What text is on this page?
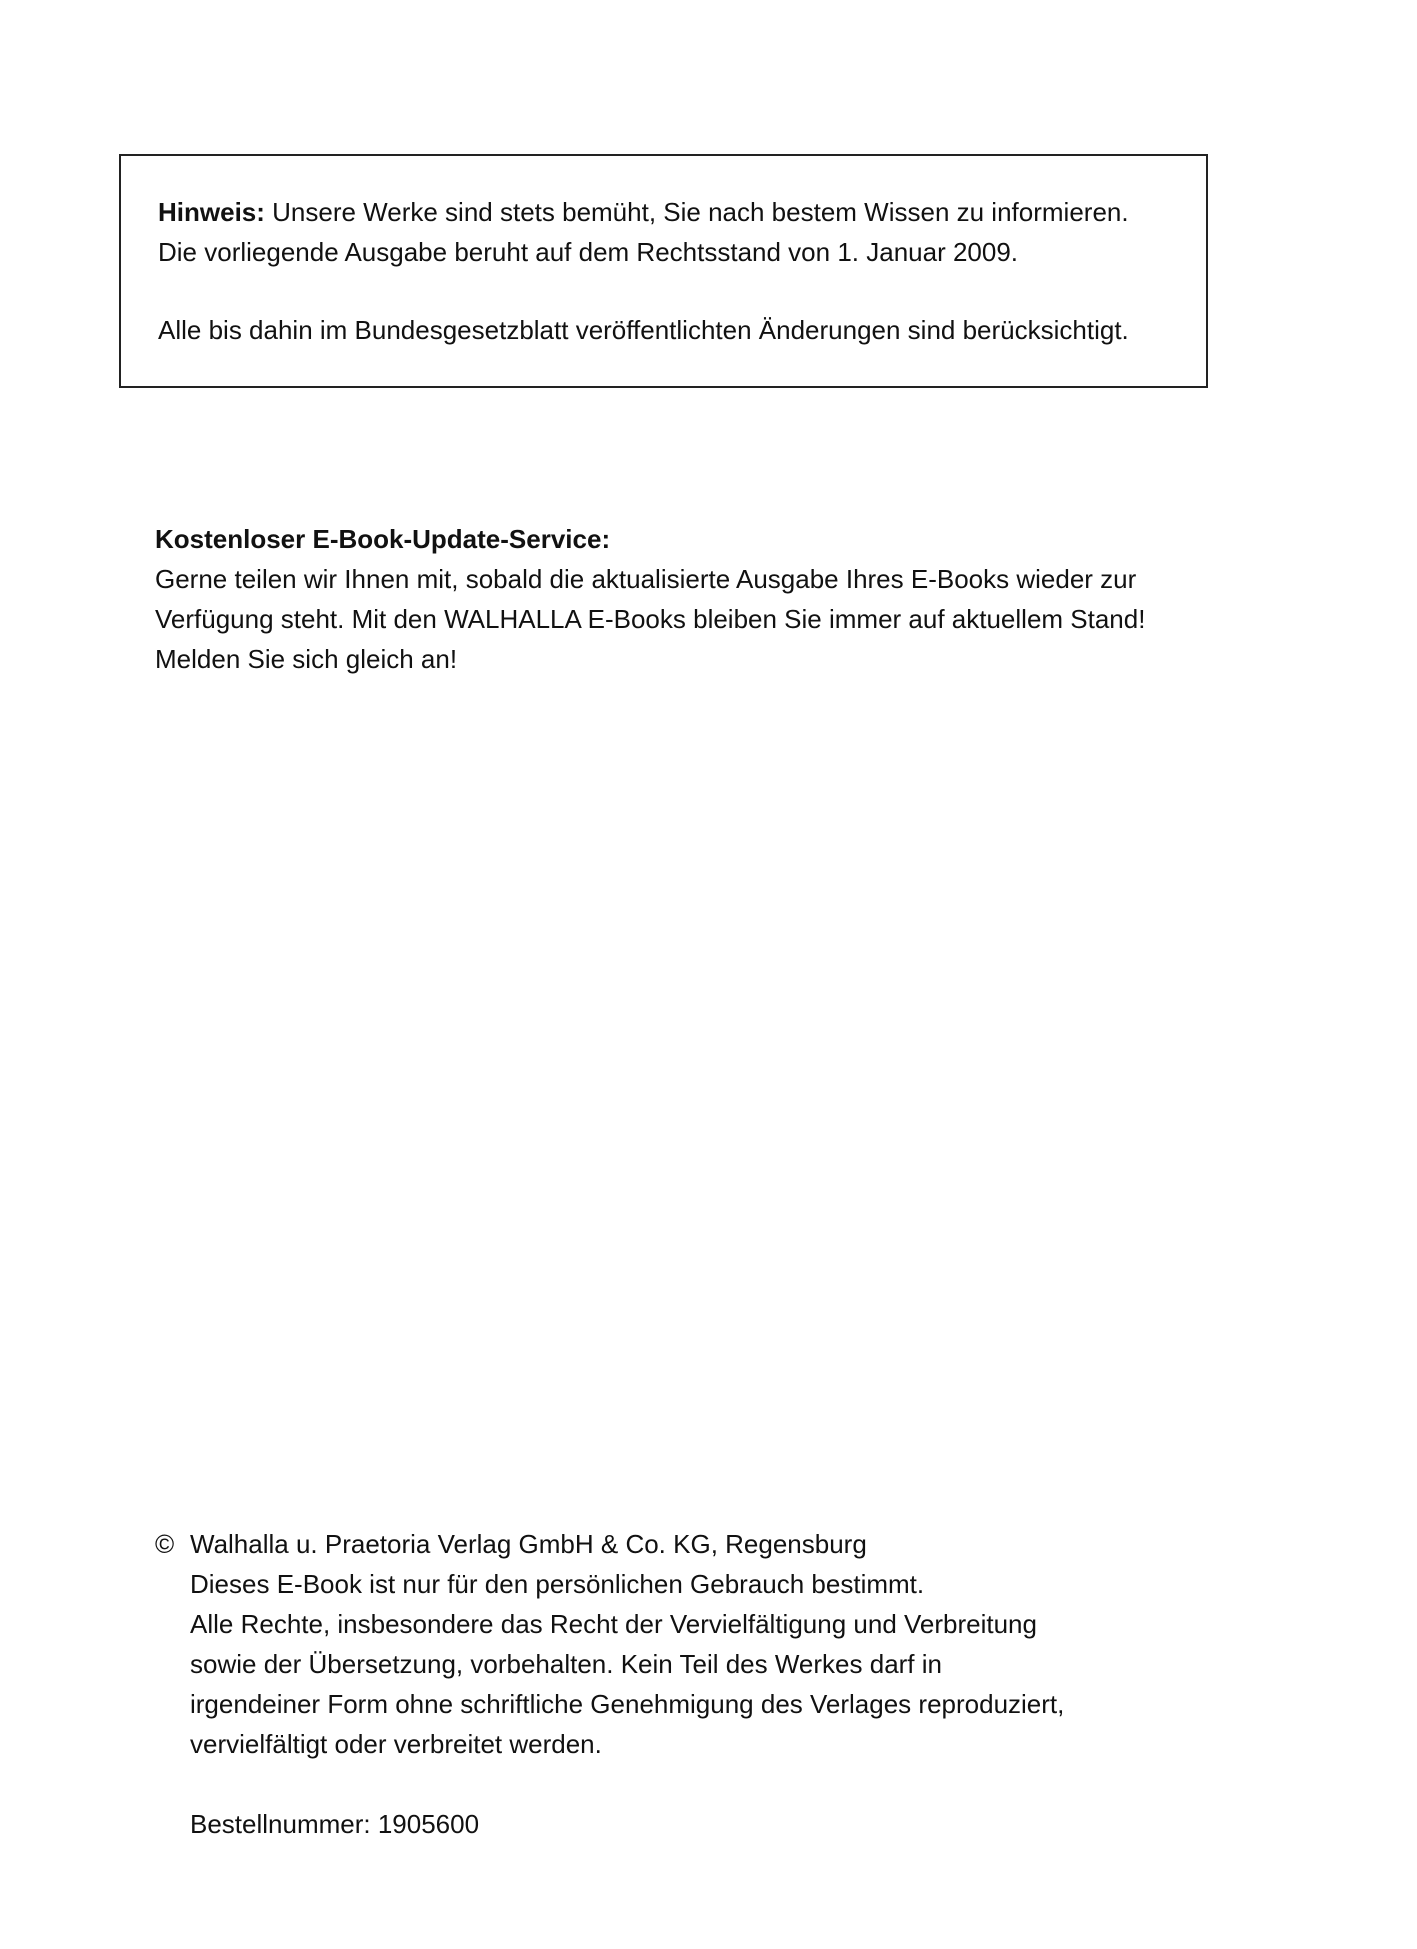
Hinweis: Unsere Werke sind stets bemüht, Sie nach bestem Wissen zu informieren.
Die vorliegende Ausgabe beruht auf dem Rechtsstand von 1. Januar 2009.
Alle bis dahin im Bundesgesetzblatt veröffentlichten Änderungen sind berücksichtigt.
Kostenloser E-Book-Update-Service:
Gerne teilen wir Ihnen mit, sobald die aktualisierte Ausgabe Ihres E-Books wieder zur
Verfügung steht. Mit den WALHALLA E-Books bleiben Sie immer auf aktuellem Stand!
Melden Sie sich gleich an!
© Walhalla u. Praetoria Verlag GmbH & Co. KG, Regensburg
Dieses E-Book ist nur für den persönlichen Gebrauch bestimmt.
Alle Rechte, insbesondere das Recht der Vervielfältigung und Verbreitung
sowie der Übersetzung, vorbehalten. Kein Teil des Werkes darf in
irgendeiner Form ohne schriftliche Genehmigung des Verlages reproduziert,
vervielfältigt oder verbreitet werden.
Bestellnummer: 1905600
